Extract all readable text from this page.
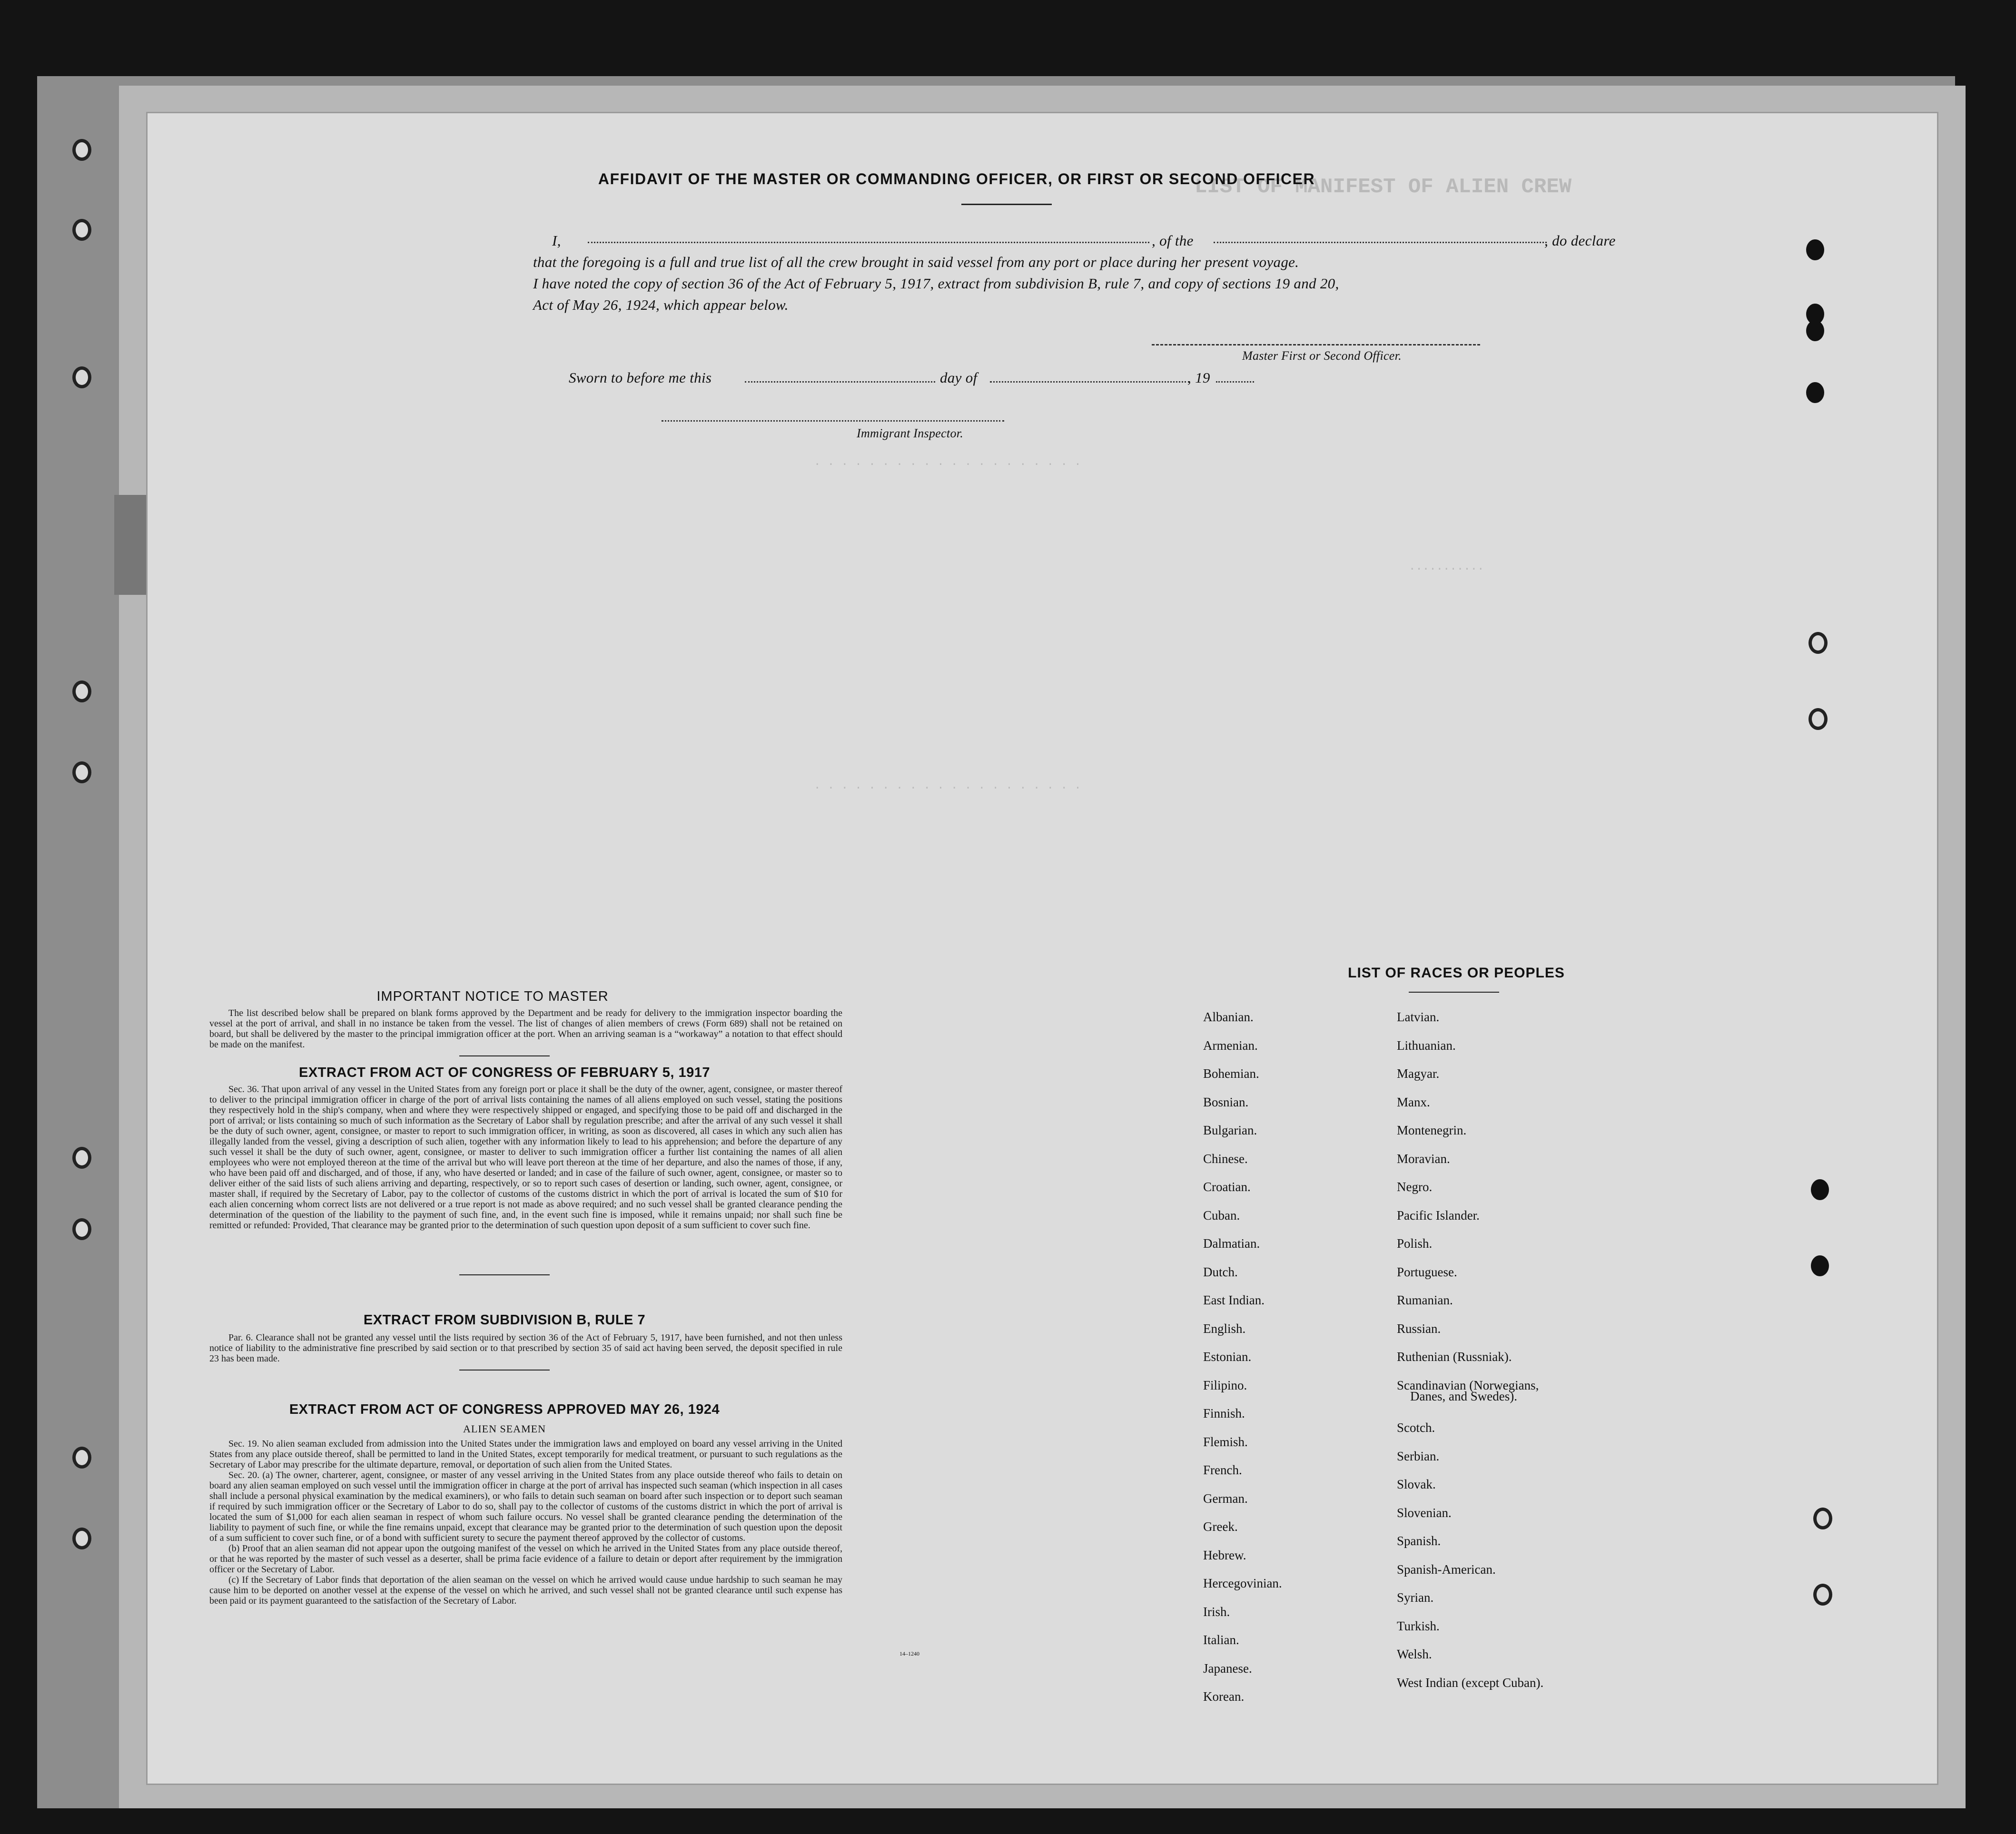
LIST OF MANIFEST OF ALIEN CREW
. . . . . . . . . . . . . . . . . . . .
...........
. . . . . . . . . . . . . . . . . . . .
AFFIDAVIT OF THE MASTER OR COMMANDING OFFICER, OR FIRST OR SECOND OFFICER
I,	, of the	, do declare
that the foregoing is a full and true list of all the crew brought in said vessel from any port or place during her present voyage.
I have noted the copy of section 36 of the Act of February 5, 1917, extract from subdivision B, rule 7, and copy of sections 19 and 20,
Act of May 26, 1924, which appear below.
Master First or Second Officer.
Sworn to before me this	day of	, 19
Immigrant Inspector.
IMPORTANT NOTICE TO MASTER

The list described below shall be prepared on blank forms approved by the Department and be ready for delivery to the immigration inspector boarding the vessel at the port of arrival, and shall in no instance be taken from the vessel. The list of changes of alien members of crews (Form 689) shall not be retained on board, but shall be delivered by the master to the principal immigration officer at the port. When an arriving seaman is a “workaway” a notation to that effect should be made on the manifest.

EXTRACT FROM ACT OF CONGRESS OF FEBRUARY 5, 1917

Sec. 36. That upon arrival of any vessel in the United States from any foreign port or place it shall be the duty of the owner, agent, consignee, or master thereof to deliver to the principal immigration officer in charge of the port of arrival lists containing the names of all aliens employed on such vessel, stating the positions they respectively hold in the ship's company, when and where they were respectively shipped or engaged, and specifying those to be paid off and discharged in the port of arrival; or lists containing so much of such information as the Secretary of Labor shall by regulation prescribe; and after the arrival of any such vessel it shall be the duty of such owner, agent, consignee, or master to report to such immigration officer, in writing, as soon as discovered, all cases in which any such alien has illegally landed from the vessel, giving a description of such alien, together with any information likely to lead to his apprehension; and before the departure of any such vessel it shall be the duty of such owner, agent, consignee, or master to deliver to such immigration officer a further list containing the names of all alien employees who were not employed thereon at the time of the arrival but who will leave port thereon at the time of her departure, and also the names of those, if any, who have been paid off and discharged, and of those, if any, who have deserted or landed; and in case of the failure of such owner, agent, consignee, or master so to deliver either of the said lists of such aliens arriving and departing, respectively, or so to report such cases of desertion or landing, such owner, agent, consignee, or master shall, if required by the Secretary of Labor, pay to the collector of customs of the customs district in which the port of arrival is located the sum of $10 for each alien concerning whom correct lists are not delivered or a true report is not made as above required; and no such vessel shall be granted clearance pending the determination of the question of the liability to the payment of such fine, and, in the event such fine is imposed, while it remains unpaid; nor shall such fine be remitted or refunded: Provided, That clearance may be granted prior to the determination of such question upon deposit of a sum sufficient to cover such fine.

EXTRACT FROM SUBDIVISION B, RULE 7

Par. 6. Clearance shall not be granted any vessel until the lists required by section 36 of the Act of February 5, 1917, have been furnished, and not then unless notice of liability to the administrative fine prescribed by said section or to that prescribed by section 35 of said act having been served, the deposit specified in rule 23 has been made.

EXTRACT FROM ACT OF CONGRESS APPROVED MAY 26, 1924
ALIEN SEAMEN

Sec. 19. No alien seaman excluded from admission into the United States under the immigration laws and employed on board any vessel arriving in the United States from any place outside thereof, shall be permitted to land in the United States, except temporarily for medical treatment, or pursuant to such regulations as the Secretary of Labor may prescribe for the ultimate departure, removal, or deportation of such alien from the United States.

Sec. 20. (a) The owner, charterer, agent, consignee, or master of any vessel arriving in the United States from any place outside thereof who fails to detain on board any alien seaman employed on such vessel until the immigration officer in charge at the port of arrival has inspected such seaman (which inspection in all cases shall include a personal physical examination by the medical examiners), or who fails to detain such seaman on board after such inspection or to deport such seaman if required by such immigration officer or the Secretary of Labor to do so, shall pay to the collector of customs of the customs district in which the port of arrival is located the sum of $1,000 for each alien seaman in respect of whom such failure occurs. No vessel shall be granted clearance pending the determination of the liability to payment of such fine, or while the fine remains unpaid, except that clearance may be granted prior to the determination of such question upon the deposit of a sum sufficient to cover such fine, or of a bond with sufficient surety to secure the payment thereof approved by the collector of customs.

(b) Proof that an alien seaman did not appear upon the outgoing manifest of the vessel on which he arrived in the United States from any place outside thereof, or that he was reported by the master of such vessel as a deserter, shall be prima facie evidence of a failure to detain or deport after requirement by the immigration officer or the Secretary of Labor.

(c) If the Secretary of Labor finds that deportation of the alien seaman on the vessel on which he arrived would cause undue hardship to such seaman he may cause him to be deported on another vessel at the expense of the vessel on which he arrived, and such vessel shall not be granted clearance until such expense has been paid or its payment guaranteed to the satisfaction of the Secretary of Labor.

14–1240
LIST OF RACES OR PEOPLES
Albanian.
Armenian.
Bohemian.
Bosnian.
Bulgarian.
Chinese.
Croatian.
Cuban.
Dalmatian.
Dutch.
East Indian.
English.
Estonian.
Filipino.
Finnish.
Flemish.
French.
German.
Greek.
Hebrew.
Hercegovinian.
Irish.
Italian.
Japanese.
Korean.
Latvian.
Lithuanian.
Magyar.
Manx.
Montenegrin.
Moravian.
Negro.
Pacific Islander.
Polish.
Portuguese.
Rumanian.
Russian.
Ruthenian (Russniak).
Scandinavian (Norwegians,
Danes, and Swedes).
Scotch.
Serbian.
Slovak.
Slovenian.
Spanish.
Spanish-American.
Syrian.
Turkish.
Welsh.
West Indian (except Cuban).
